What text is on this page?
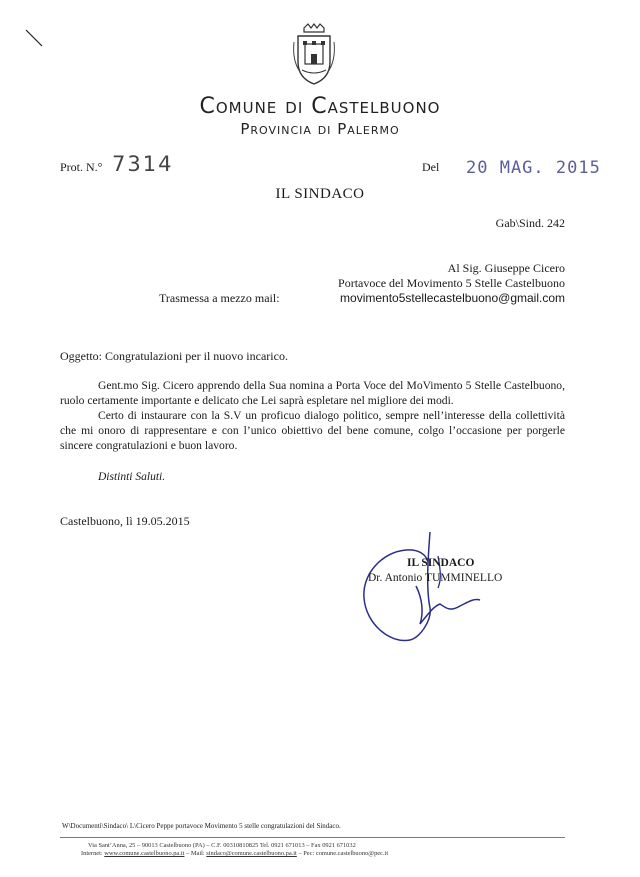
Comune di Castelbuono
Provincia di Palermo
Prot. N.° 7314	Del 20 MAG. 2015
IL SINDACO
Gab\Sind. 242
Al Sig. Giuseppe Cicero
Portavoce del Movimento 5 Stelle Castelbuono
Trasmessa a mezzo mail:	movimento5stellecastelbuono@gmail.com
Oggetto: Congratulazioni per il nuovo incarico.
Gent.mo Sig. Cicero apprendo della Sua nomina a Porta Voce del MoVimento 5 Stelle Castelbuono, ruolo certamente importante e delicato che Lei saprà espletare nel migliore dei modi.
Certo di instaurare con la S.V un proficuo dialogo politico, sempre nell’interesse della collettività che mi onoro di rappresentare e con l’unico obiettivo del bene comune, colgo l’occasione per porgerle sincere congratulazioni e buon lavoro.
Distinti Saluti.
Castelbuono, lì 19.05.2015
IL SINDACO
Dr. Antonio TUMMINELLO
W\Documenti\Sindaco\ L\Cicero Peppe portavoce Movimento 5 stelle congratulazioni del Sindaco.
Via Sant’Anna, 25 – 90013 Castelbuono (PA) – C.F. 00310810825 Tel. 0921 671013 – Fax 0921 671032
Internet: www.comune.castelbuono.pa.it – Mail: sindaco@comune.castelbuono.pa.it – Pec: comune.castelbuono@pec.it
